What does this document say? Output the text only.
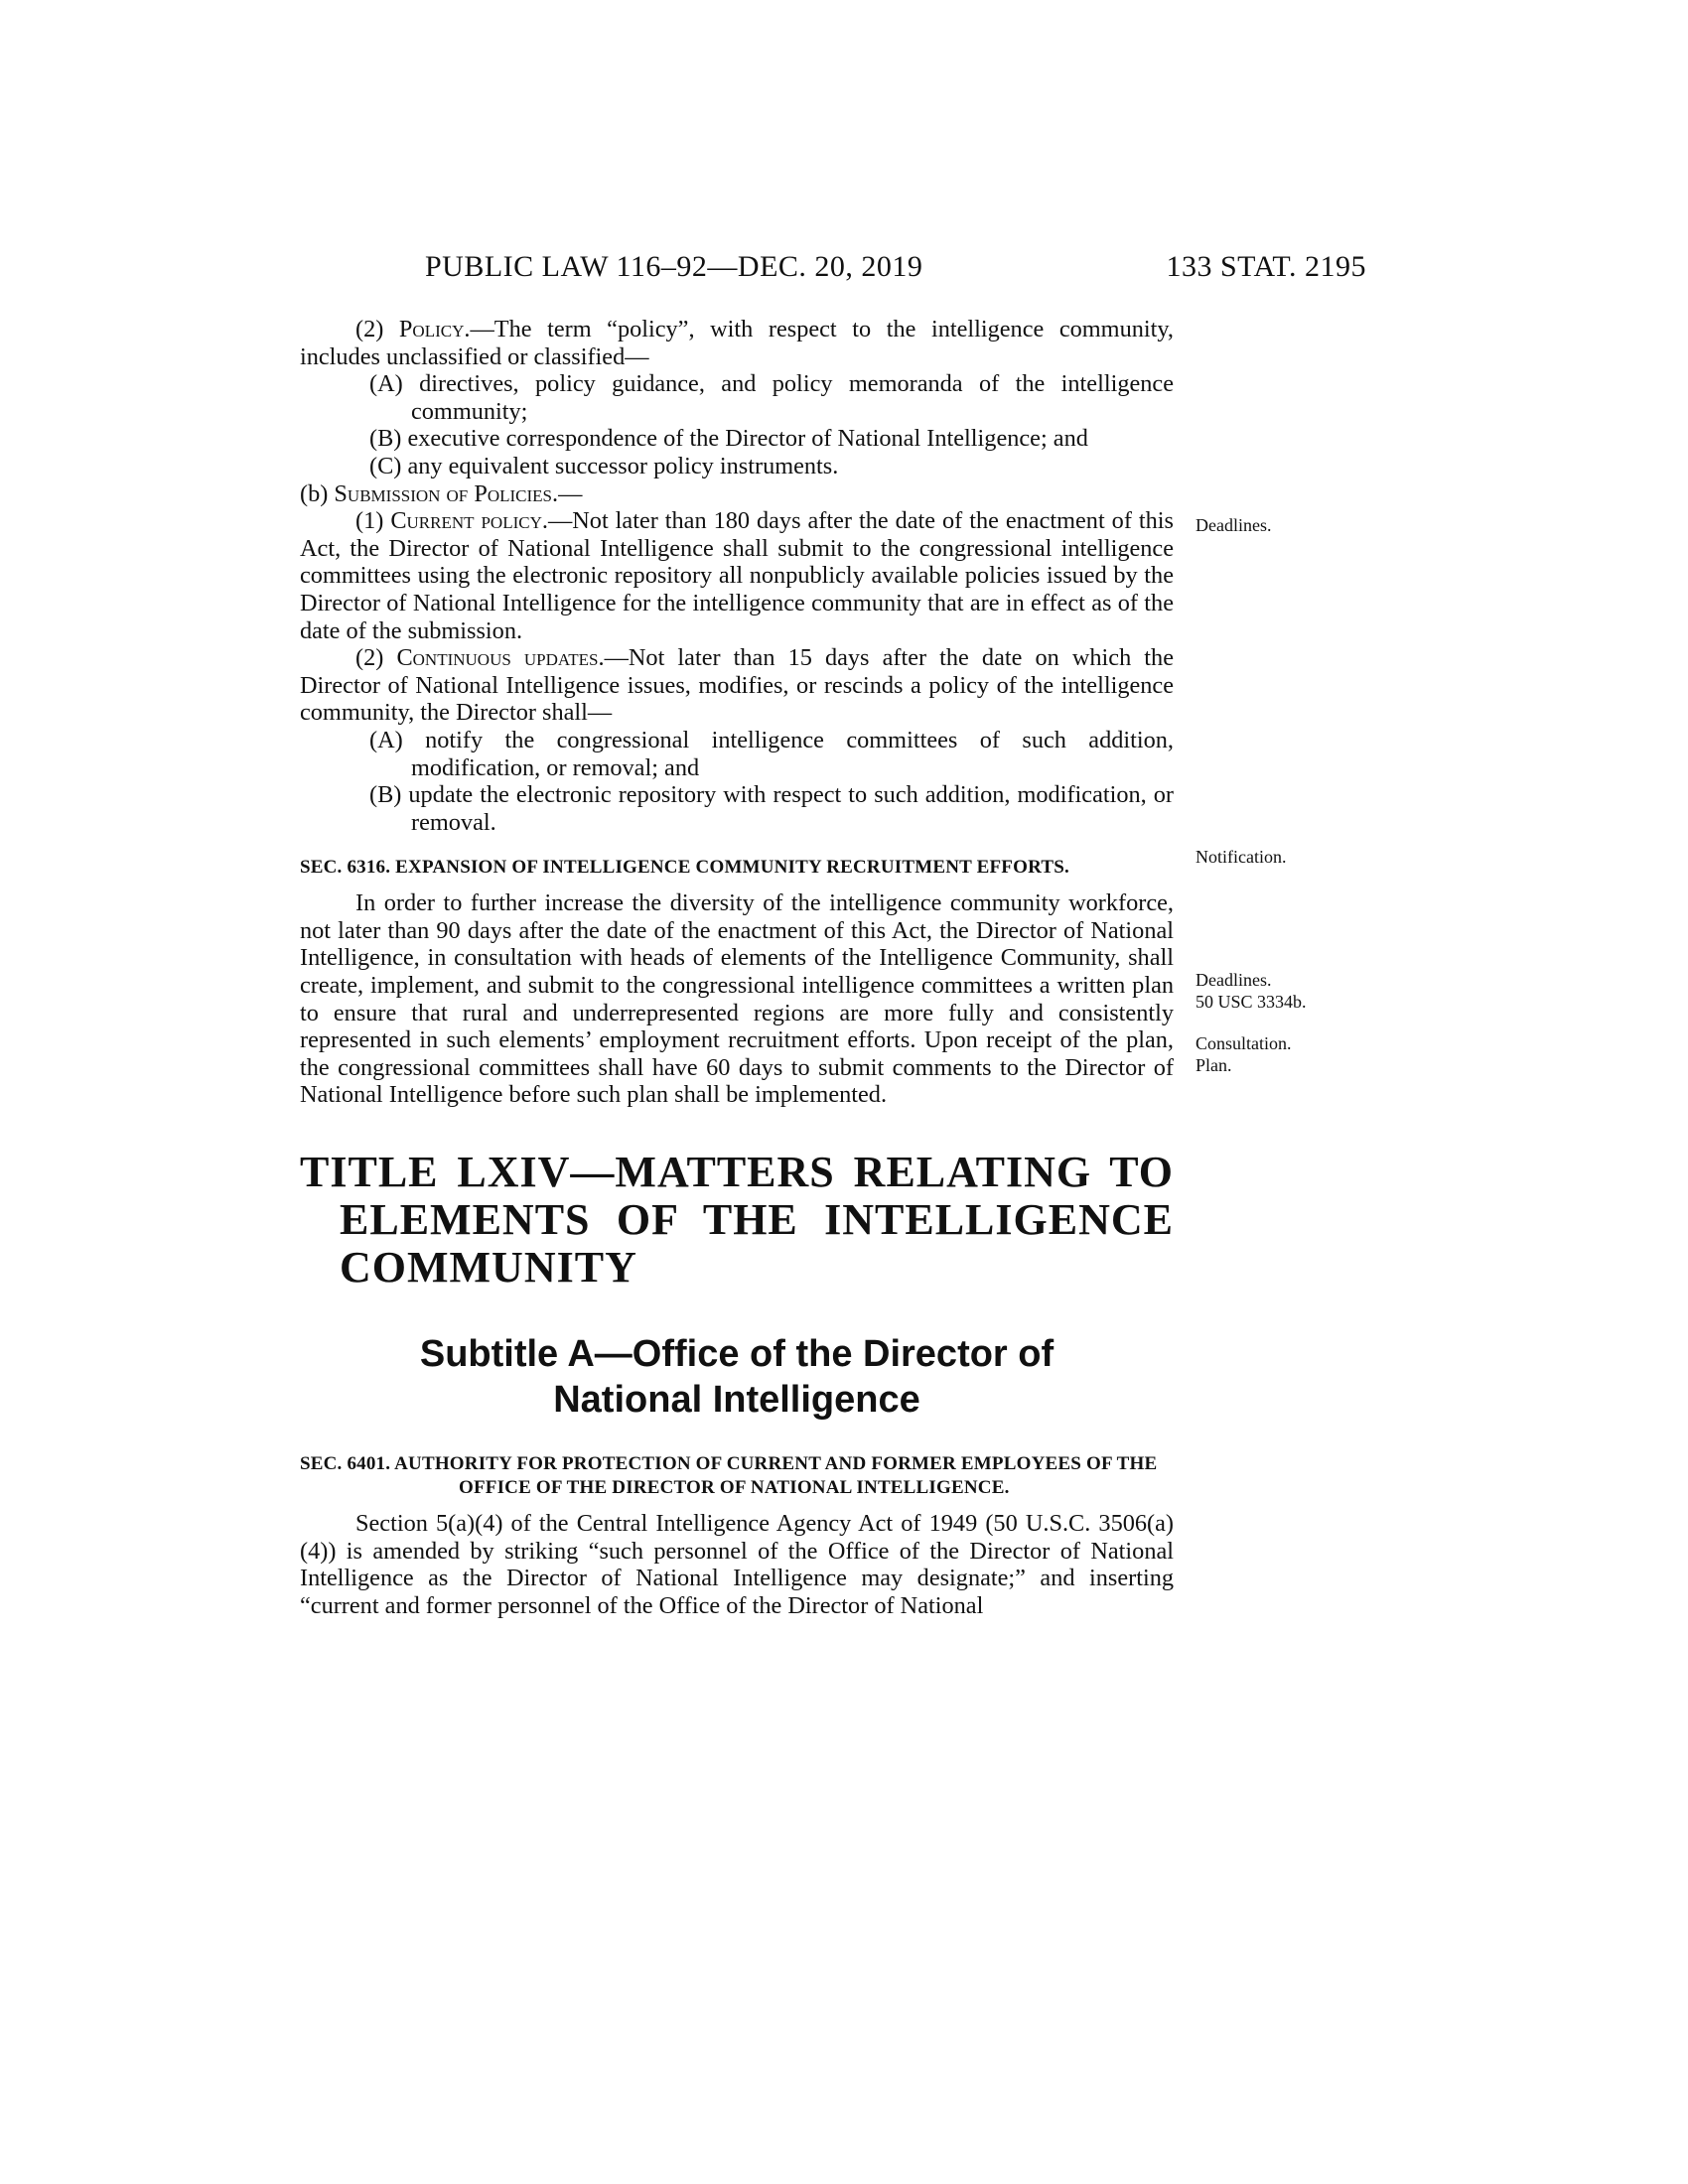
PUBLIC LAW 116–92—DEC. 20, 2019	133 STAT. 2195

(2) Policy.—The term “policy”, with respect to the intelligence community, includes unclassified or classified—

(A) directives, policy guidance, and policy memoranda of the intelligence community;

(B) executive correspondence of the Director of National Intelligence; and

(C) any equivalent successor policy instruments.

(b) Submission of Policies.—

(1) Current policy.—Not later than 180 days after the date of the enactment of this Act, the Director of National Intelligence shall submit to the congressional intelligence committees using the electronic repository all nonpublicly available policies issued by the Director of National Intelligence for the intelligence community that are in effect as of the date of the submission.

(2) Continuous updates.—Not later than 15 days after the date on which the Director of National Intelligence issues, modifies, or rescinds a policy of the intelligence community, the Director shall—

(A) notify the congressional intelligence committees of such addition, modification, or removal; and

(B) update the electronic repository with respect to such addition, modification, or removal.

SEC. 6316. EXPANSION OF INTELLIGENCE COMMUNITY RECRUITMENT EFFORTS.

In order to further increase the diversity of the intelligence community workforce, not later than 90 days after the date of the enactment of this Act, the Director of National Intelligence, in consultation with heads of elements of the Intelligence Community, shall create, implement, and submit to the congressional intelligence committees a written plan to ensure that rural and underrepresented regions are more fully and consistently represented in such elements’ employment recruitment efforts. Upon receipt of the plan, the congressional committees shall have 60 days to submit comments to the Director of National Intelligence before such plan shall be implemented.

TITLE LXIV—MATTERS RELATING TO ELEMENTS OF THE INTELLIGENCE COMMUNITY

Subtitle A—Office of the Director of
National Intelligence

SEC. 6401. AUTHORITY FOR PROTECTION OF CURRENT AND FORMER EMPLOYEES OF THE OFFICE OF THE DIRECTOR OF NATIONAL INTELLIGENCE.

Section 5(a)(4) of the Central Intelligence Agency Act of 1949 (50 U.S.C. 3506(a)(4)) is amended by striking “such personnel of the Office of the Director of National Intelligence as the Director of National Intelligence may designate;” and inserting “current and former personnel of the Office of the Director of National

Deadlines.
Notification.
Deadlines.
50 USC 3334b.
Consultation.
Plan.
